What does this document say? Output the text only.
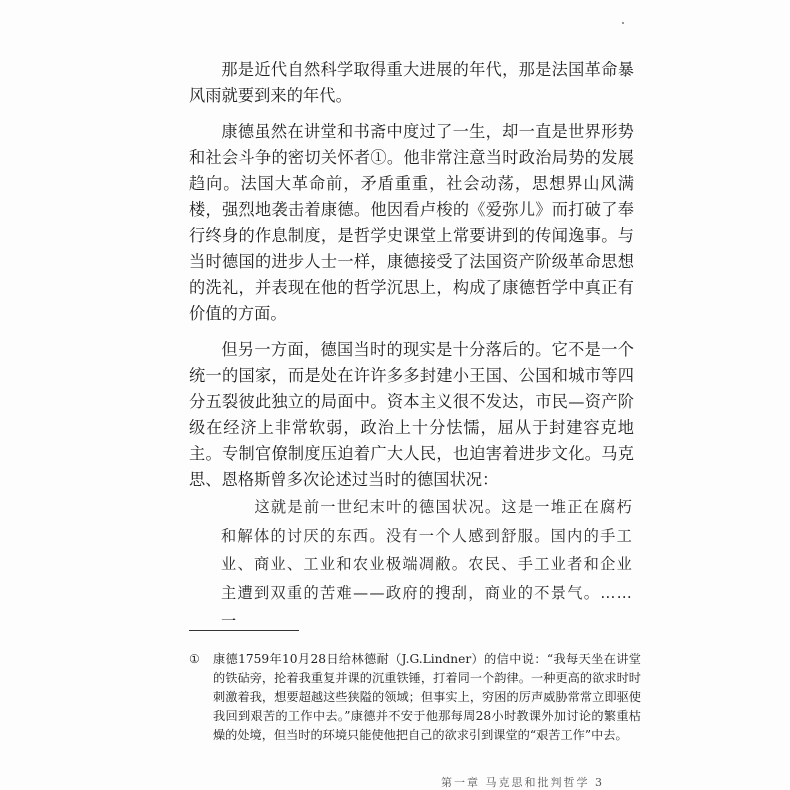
那是近代自然科学取得重大进展的年代，那是法国革命暴风雨就要到来的年代。

康德虽然在讲堂和书斋中度过了一生，却一直是世界形势和社会斗争的密切关怀者①。他非常注意当时政治局势的发展趋向。法国大革命前，矛盾重重，社会动荡，思想界山风满楼，强烈地袭击着康德。他因看卢梭的《爱弥儿》而打破了奉行终身的作息制度，是哲学史课堂上常要讲到的传闻逸事。与当时德国的进步人士一样，康德接受了法国资产阶级革命思想的洗礼，并表现在他的哲学沉思上，构成了康德哲学中真正有价值的方面。

但另一方面，德国当时的现实是十分落后的。它不是一个统一的国家，而是处在许许多多封建小王国、公国和城市等四分五裂彼此独立的局面中。资本主义很不发达，市民—资产阶级在经济上非常软弱，政治上十分怯懦，屈从于封建容克地主。专制官僚制度压迫着广大人民，也迫害着进步文化。马克思、恩格斯曾多次论述过当时的德国状况：

这就是前一世纪末叶的德国状况。这是一堆正在腐朽和解体的讨厌的东西。没有一个人感到舒服。国内的手工业、商业、工业和农业极端凋敝。农民、手工业者和企业主遭到双重的苦难——政府的搜刮，商业的不景气。……一

①	康德1759年10月28日给林德耐（J.G.Lindner）的信中说：“我每天坐在讲堂的铁砧旁，抡着我重复并课的沉重铁锤，打着同一个韵律。一种更高的欲求时时刺激着我，想要超越这些狭隘的领域；但事实上，穷困的厉声威胁常常立即驱使我回到艰苦的工作中去。”康德并不安于他那每周28小时教课外加讨论的繁重枯燥的处境，但当时的环境只能使他把自己的欲求引到课堂的“艰苦工作”中去。
第一章 马克思和批判哲学 3
